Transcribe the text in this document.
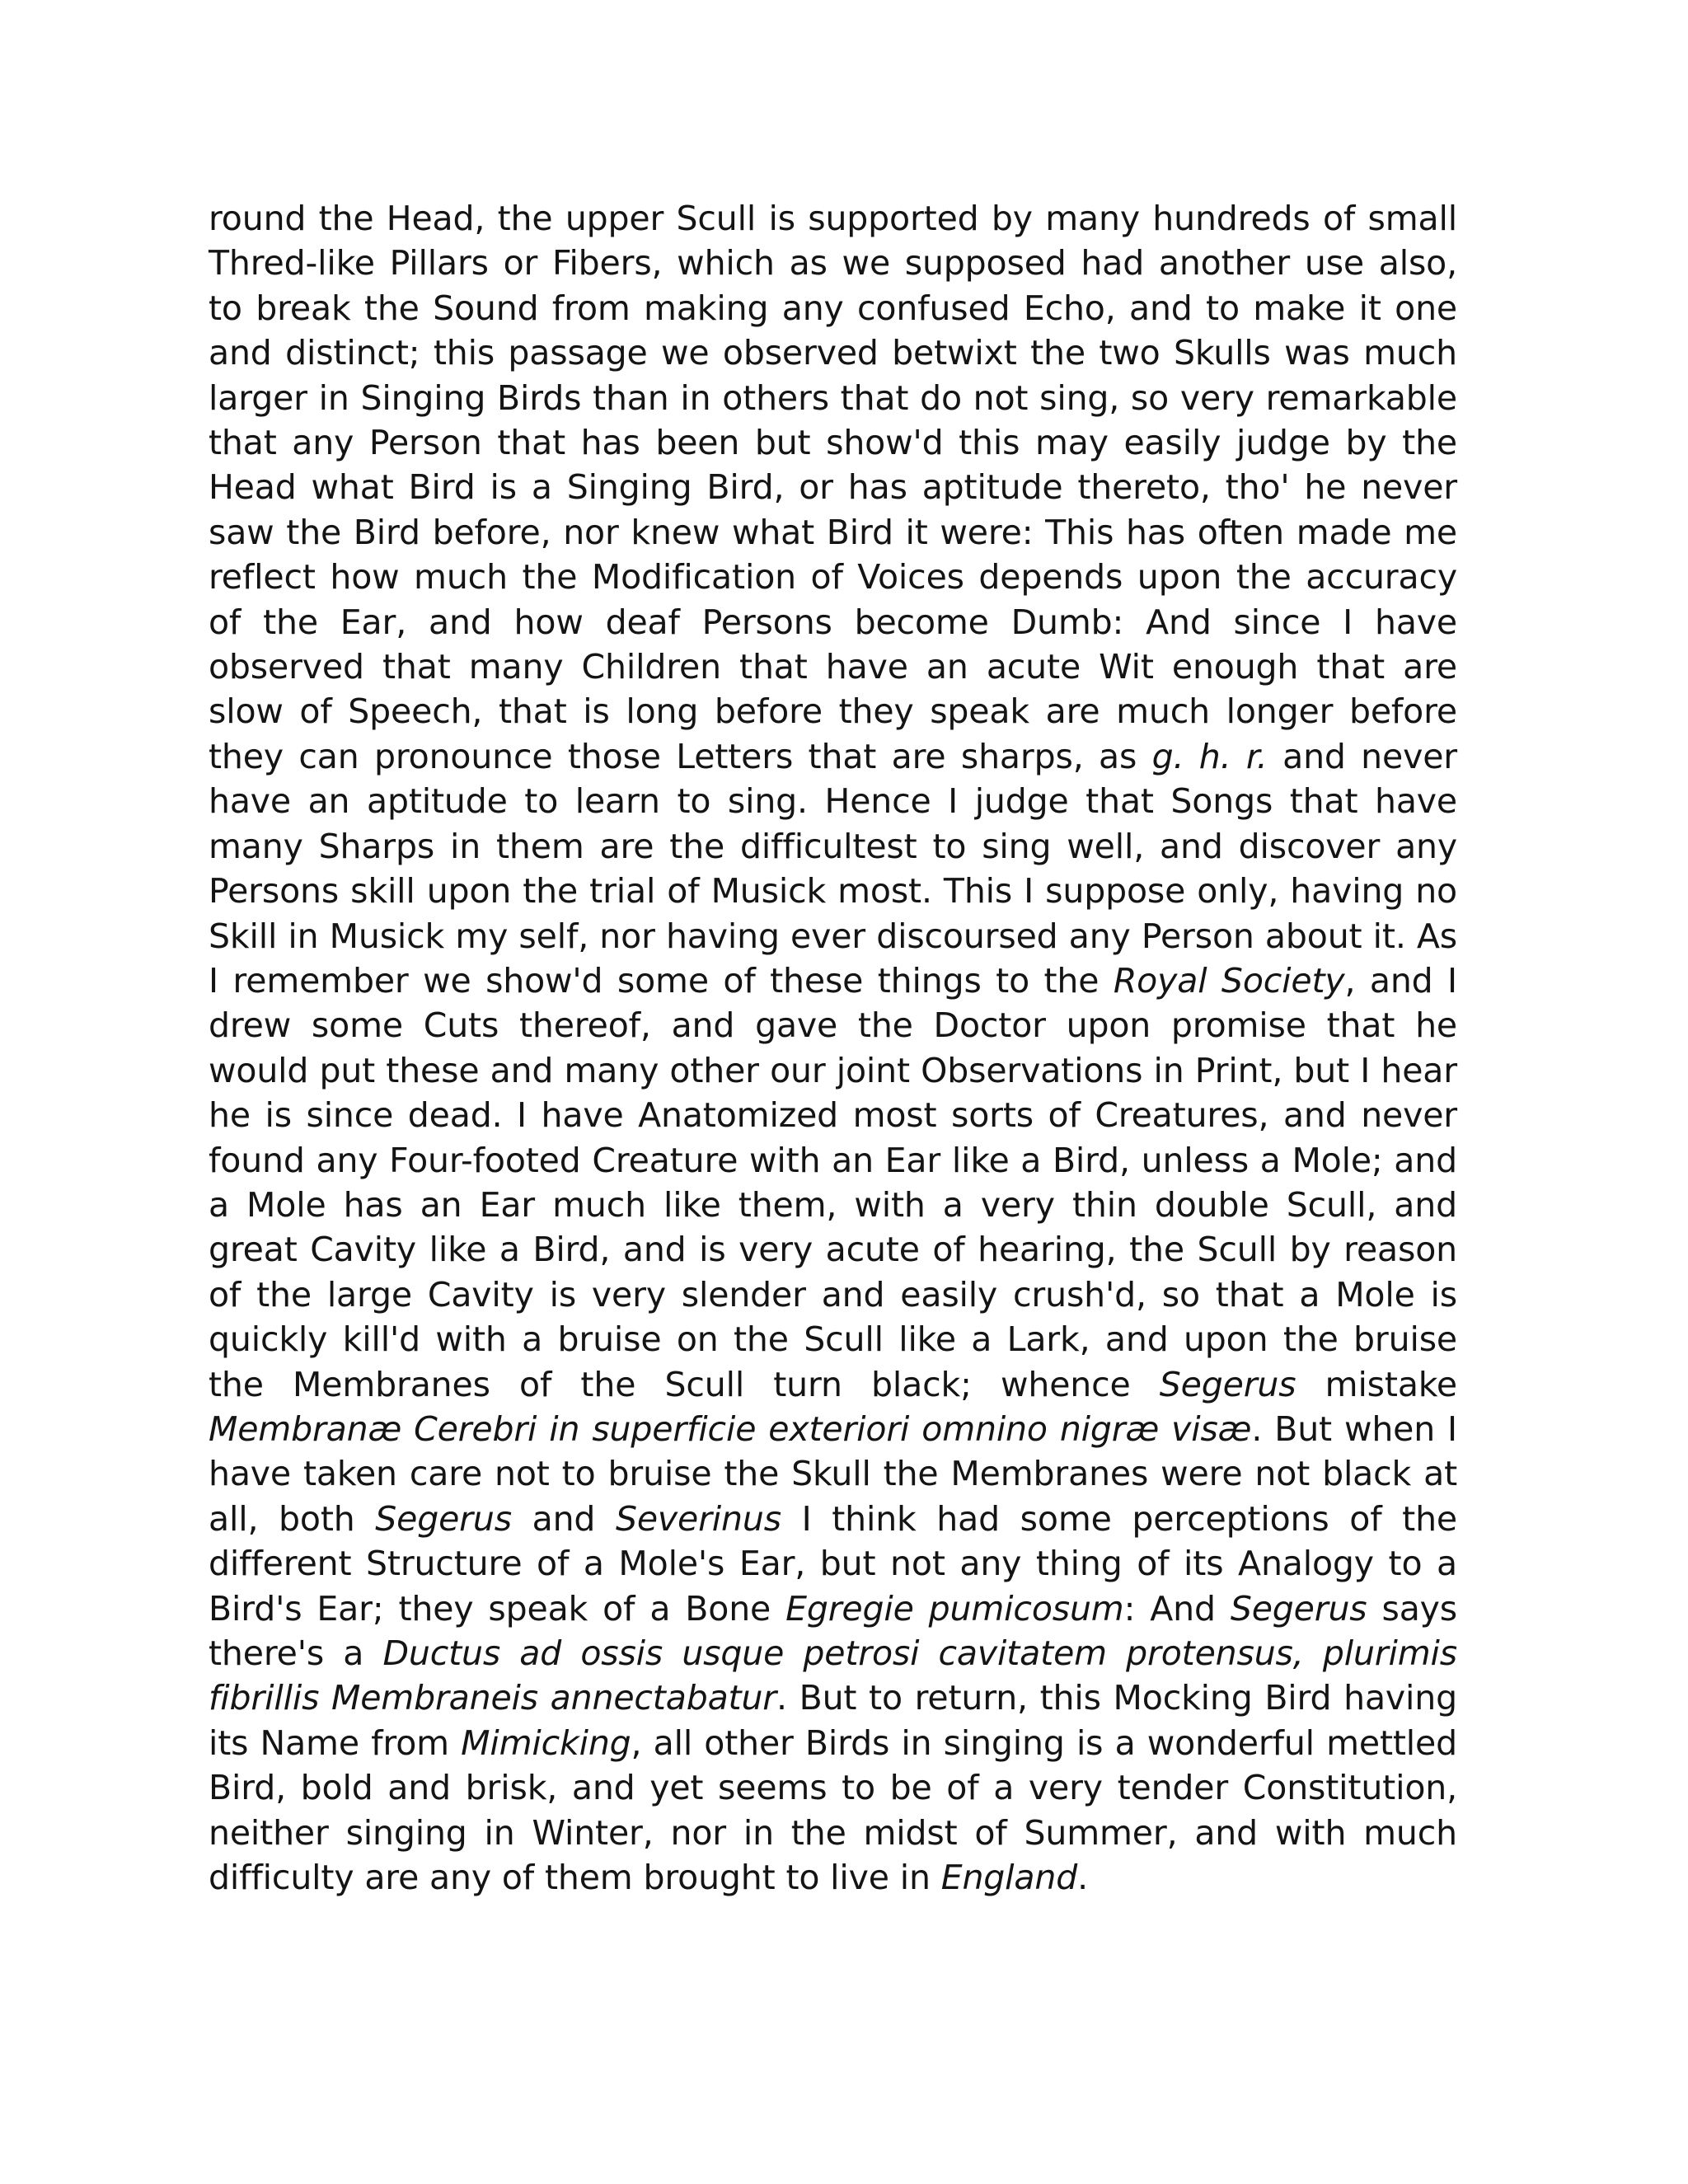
round the Head, the upper Scull is supported by many hundreds of small Thred-like Pillars or Fibers, which as we supposed had another use also, to break the Sound from making any confused Echo, and to make it one and distinct; this passage we observed betwixt the two Skulls was much larger in Singing Birds than in others that do not sing, so very remarkable that any Person that has been but show'd this may easily judge by the Head what Bird is a Singing Bird, or has aptitude thereto, tho' he never saw the Bird before, nor knew what Bird it were: This has often made me reflect how much the Modification of Voices depends upon the accuracy of the Ear, and how deaf Persons become Dumb: And since I have observed that many Children that have an acute Wit enough that are slow of Speech, that is long before they speak are much longer before they can pronounce those Letters that are sharps, as g. h. r. and never have an aptitude to learn to sing. Hence I judge that Songs that have many Sharps in them are the difficultest to sing well, and discover any Persons skill upon the trial of Musick most. This I suppose only, having no Skill in Musick my self, nor having ever discoursed any Person about it. As I remember we show'd some of these things to the Royal Society, and I drew some Cuts thereof, and gave the Doctor upon promise that he would put these and many other our joint Observations in Print, but I hear he is since dead. I have Anatomized most sorts of Creatures, and never found any Four-footed Creature with an Ear like a Bird, unless a Mole; and a Mole has an Ear much like them, with a very thin double Scull, and great Cavity like a Bird, and is very acute of hearing, the Scull by reason of the large Cavity is very slender and easily crush'd, so that a Mole is quickly kill'd with a bruise on the Scull like a Lark, and upon the bruise the Membranes of the Scull turn black; whence Segerus mistake Membranæ Cerebri in superficie exteriori omnino nigræ visæ. But when I have taken care not to bruise the Skull the Membranes were not black at all, both Segerus and Severinus I think had some perceptions of the different Structure of a Mole's Ear, but not any thing of its Analogy to a Bird's Ear; they speak of a Bone Egregie pumicosum: And Segerus says there's a Ductus ad ossis usque petrosi cavitatem protensus, plurimis fibrillis Membraneis annectabatur. But to return, this Mocking Bird having its Name from Mimicking, all other Birds in singing is a wonderful mettled Bird, bold and brisk, and yet seems to be of a very tender Constitution, neither singing in Winter, nor in the midst of Summer, and with much difficulty are any of them brought to live in England.
